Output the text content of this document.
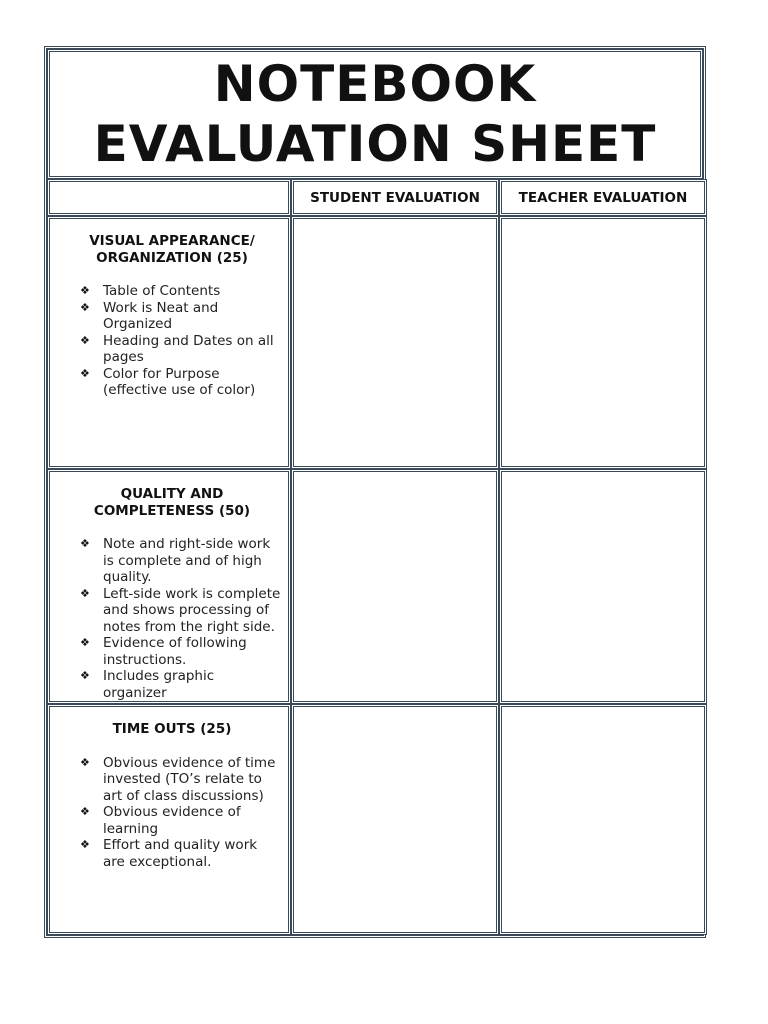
NOTEBOOK
EVALUATION SHEET
STUDENT EVALUATION	TEACHER EVALUATION
VISUAL APPEARANCE/
ORGANIZATION (25)
❖ Table of Contents
❖ Work is Neat and Organized
❖ Heading and Dates on all pages
❖ Color for Purpose (effective use of color)
QUALITY AND
COMPLETENESS (50)
❖ Note and right-side work is complete and of high quality.
❖ Left-side work is complete and shows processing of notes from the right side.
❖ Evidence of following instructions.
❖ Includes graphic organizer
TIME OUTS (25)
❖ Obvious evidence of time invested (TO’s relate to art of class discussions)
❖ Obvious evidence of learning
❖ Effort and quality work are exceptional.
